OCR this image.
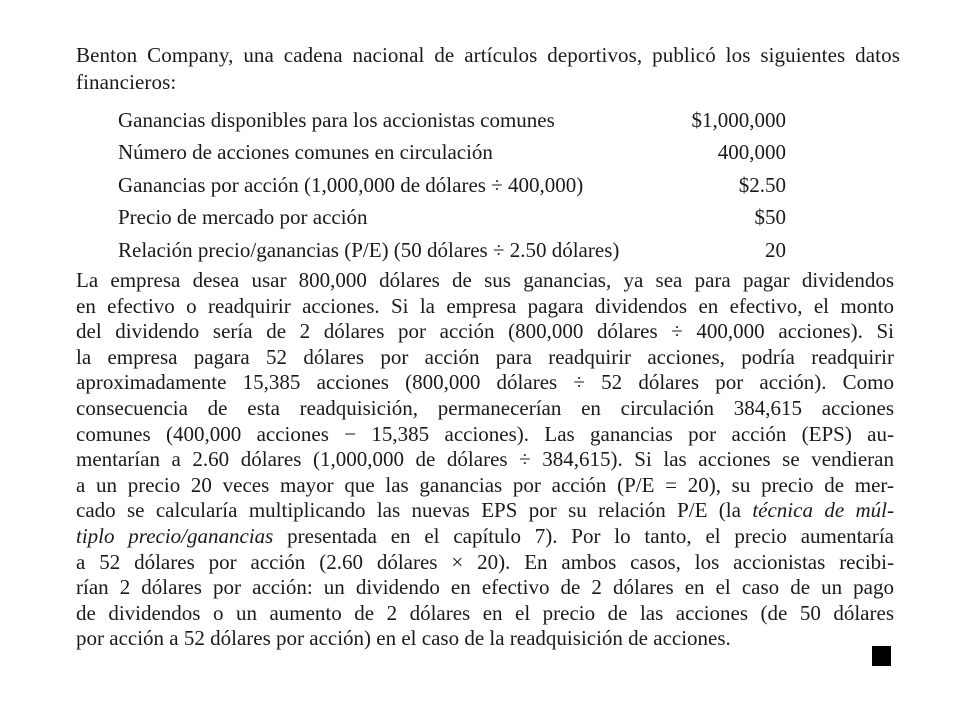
Benton Company, una cadena nacional de artículos deportivos, publicó los siguientes datos financieros:

Ganancias disponibles para los accionistas comunes	$1,000,000
Número de acciones comunes en circulación	400,000
Ganancias por acción (1,000,000 de dólares ÷ 400,000)	$2.50
Precio de mercado por acción	$50
Relación precio/ganancias (P/E) (50 dólares ÷ 2.50 dólares)	20
La empresa desea usar 800,000 dólares de sus ganancias, ya sea para pagar dividendos
en efectivo o readquirir acciones. Si la empresa pagara dividendos en efectivo, el monto
del dividendo sería de 2 dólares por acción (800,000 dólares ÷ 400,000 acciones). Si
la empresa pagara 52 dólares por acción para readquirir acciones, podría readquirir
aproximadamente 15,385 acciones (800,000 dólares ÷ 52 dólares por acción). Como
consecuencia de esta readquisición, permanecerían en circulación 384,615 acciones
comunes (400,000 acciones − 15,385 acciones). Las ganancias por acción (EPS) au-
mentarían a 2.60 dólares (1,000,000 de dólares ÷ 384,615). Si las acciones se vendieran
a un precio 20 veces mayor que las ganancias por acción (P/E = 20), su precio de mer-
cado se calcularía multiplicando las nuevas EPS por su relación P/E (la técnica de múl-
tiplo precio/ganancias presentada en el capítulo 7). Por lo tanto, el precio aumentaría
a 52 dólares por acción (2.60 dólares × 20). En ambos casos, los accionistas recibi-
rían 2 dólares por acción: un dividendo en efectivo de 2 dólares en el caso de un pago
de dividendos o un aumento de 2 dólares en el precio de las acciones (de 50 dólares
por acción a 52 dólares por acción) en el caso de la readquisición de acciones.
